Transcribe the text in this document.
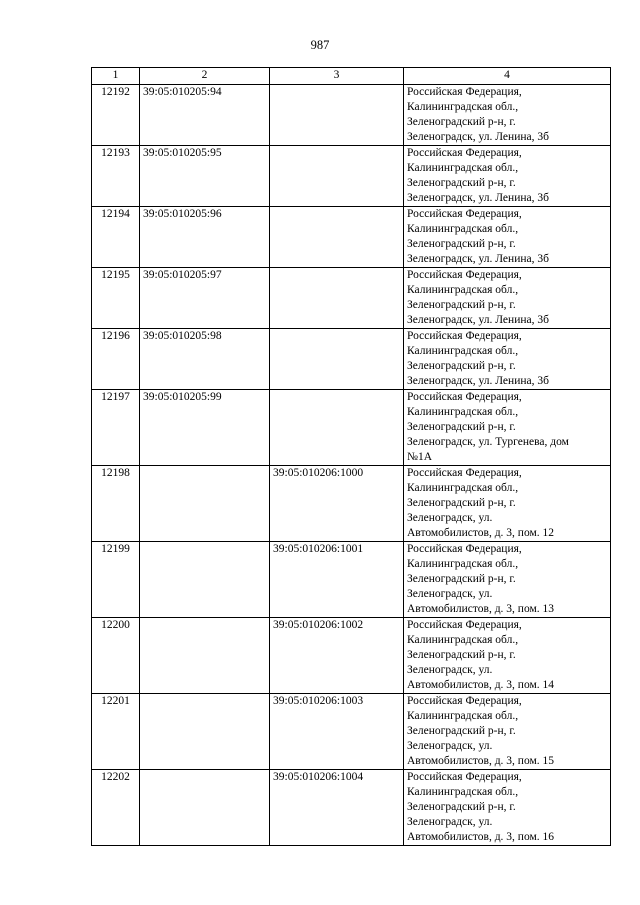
987
1	2	3	4
12192	39:05:010205:94		Российская Федерация,
Калининградская обл.,
Зеленоградский р-н, г.
Зеленоградск, ул. Ленина, 3б

12193	39:05:010205:95		Российская Федерация,
Калининградская обл.,
Зеленоградский р-н, г.
Зеленоградск, ул. Ленина, 3б

12194	39:05:010205:96		Российская Федерация,
Калининградская обл.,
Зеленоградский р-н, г.
Зеленоградск, ул. Ленина, 3б

12195	39:05:010205:97		Российская Федерация,
Калининградская обл.,
Зеленоградский р-н, г.
Зеленоградск, ул. Ленина, 3б

12196	39:05:010205:98		Российская Федерация,
Калининградская обл.,
Зеленоградский р-н, г.
Зеленоградск, ул. Ленина, 3б

12197	39:05:010205:99		Российская Федерация,
Калининградская обл.,
Зеленоградский р-н, г.
Зеленоградск, ул. Тургенева, дом
№1А

12198		39:05:010206:1000	Российская Федерация,
Калининградская обл.,
Зеленоградский р-н, г.
Зеленоградск, ул.
Автомобилистов, д. 3, пом. 12

12199		39:05:010206:1001	Российская Федерация,
Калининградская обл.,
Зеленоградский р-н, г.
Зеленоградск, ул.
Автомобилистов, д. 3, пом. 13

12200		39:05:010206:1002	Российская Федерация,
Калининградская обл.,
Зеленоградский р-н, г.
Зеленоградск, ул.
Автомобилистов, д. 3, пом. 14

12201		39:05:010206:1003	Российская Федерация,
Калининградская обл.,
Зеленоградский р-н, г.
Зеленоградск, ул.
Автомобилистов, д. 3, пом. 15

12202		39:05:010206:1004	Российская Федерация,
Калининградская обл.,
Зеленоградский р-н, г.
Зеленоградск, ул.
Автомобилистов, д. 3, пом. 16
